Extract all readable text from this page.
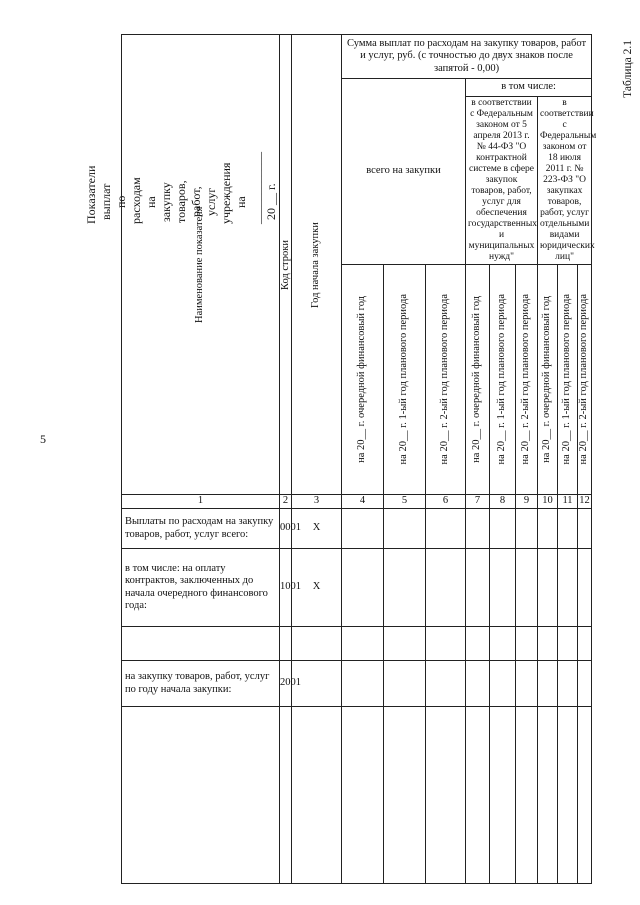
5
Показатели выплат по расходам на закупку товаров, работ, услуг учреждения на ____________ 20 __ г.
Таблица 2.1
Наименование показателя	Код строки	Год начала закупки	Сумма выплат по расходам на закупку товаров, работ и услуг, руб. (с точностью до двух знаков после запятой - 0,00)								
			всего на закупки			в том числе:					
						в соответствии с Федеральным законом от 5 апреля 2013 г. № 44-ФЗ "О контрактной системе в сфере закупок товаров, работ, услуг для обеспечения государственных и муниципальных нужд"			в соответствии с Федеральным законом от 18 июля 2011 г. № 223-ФЗ "О закупках товаров, работ, услуг отдельными видами юридических лиц"		

			на 20__ г. очередной финансовый год	на 20__ г. 1-ый год планового периода	на 20__ г. 2-ый год планового периода	на 20__ г. очередной финансовый год	на 20__ г. 1-ый год планового периода	на 20__ г. 2-ый год планового периода	на 20__ г. очередной финансовый год	на 20__ г. 1-ый год планового периода	на 20__ г. 2-ый год планового периода

1	2	3	4	5	6	7	8	9	10	11	12
Выплаты по расходам на закупку товаров, работ, услуг всего:	0001	Х									
в том числе: на оплату контрактов, заключенных до начала очередного финансового года:	1001	Х									

на закупку товаров, работ, услуг по году начала закупки:	2001										
